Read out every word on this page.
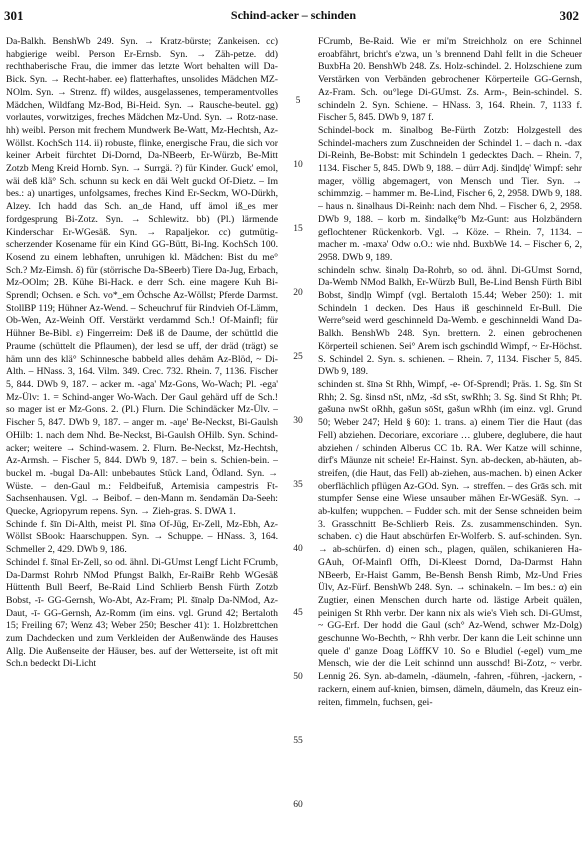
301	Schind-acker – schinden	302

Da-Balkh. BenshWb 249. Syn. → Kratz-bürste; Zankeisen. cc) habgierige weibl. Person Er-Ernsb. Syn. → Zäh-petze. dd) rechthaberische Frau, die immer das letzte Wort behalten will Da-Bick. Syn. → Recht-haber. ee) flatterhaftes, unsolides Mädchen MZ-NOlm. Syn. → Strenz. ff) wildes, ausgelassenes, temperamentvolles Mädchen, Wildfang Mz-Bod, Bi-Heid. Syn. → Rausche-beutel. gg) vorlautes, vorwitziges, freches Mädchen Mz-Und. Syn. → Rotz-nase. hh) weibl. Person mit frechem Mundwerk Be-Watt, Mz-Hechtsh, Az-Wöllst. KochSch 114. ii) robuste, flinke, energische Frau, die sich vor keiner Arbeit fürchtet Di-Dornd, Da-NBeerb, Er-Würzb, Be-Mitt Zotzb Meng Kreid Hornb. Syn. → Surrgä. ?) für Kinder. Guck' emol, wäi deß klä° Sch. schunn su keck en däi Welt guckd Of-Dietz. – Im bes.: a) unartiges, unfolgsames, freches Kind Er-Seckm, WO-Dürkh, Alzey. Ich hadd das Sch. an_de Hand, uff ämol iß_es mer fordgesprung Bi-Zotz. Syn. → Schlewitz. bb) (Pl.) lärmende Kinderschar Er-WGesäß. Syn. → Rapaljekor. cc) gutmütig-scherzender Kosename für ein Kind GG-Bütt, Bi-Ing. KochSch 100. Kosend zu einem lebhaften, unruhigen kl. Mädchen: Bist du me° Sch.? Mz-Eimsh. δ) für (störrische Da-SBeerb) Tiere Da-Jug, Erbach, Mz-OOlm; 2B. Kühe Bi-Hack. e derr Sch. eine magere Kuh Bi-Sprendl; Ochsen. e Sch. vo*_em Öchsche Az-Wöllst; Pferde Darmst. StollBP 119; Hühner Az-Wend. – Scheuchruf für Rindvieh Of-Lämm, Ob-Wen, Az-Weinh Off. Verstärkt verdammd Sch.! Of-Mainfl; für Hühner Be-Bibl. ε) Fingerreim: Deß iß de Daume, der schüttld die Praume (schüttelt die Pflaumen), der lesd se uff, der dräd (trägt) se häm unn des klä° Schinnesche babbeld alles dehäm Az-Blöd, ~ Di-Alth. – HNass. 3, 164. Vilm. 349. Crec. 732. Rhein. 7, 1136. Fischer 5, 844. DWb 9, 187. – acker m. -aga' Mz-Gons, Wo-Wach; Pl. -ega' Mz-Ülv: 1. = Schind-anger Wo-Wach. Der Gaul gehärd uff de Sch.! so mager ist er Mz-Gons. 2. (Pl.) Flurn. Die Schindäcker Mz-Ülv. – Fischer 5, 847. DWb 9, 187. – anger m. -aŋe' Be-Neckst, Bi-Gaulsh OHilb: 1. nach dem Nhd. Be-Neckst, Bi-Gaulsh OHilb. Syn. Schind-acker; weitere → Schind-wasem. 2. Flurn. Be-Neckst, Mz-Hechtsh, Az-Armsh. – Fischer 5, 844. DWb 9, 187. – bein s. Schien-bein. – buckel m. -bugal Da-All: unbebautes Stück Land, Ödland. Syn. → Wüste. – den-Gaul m.: Feldbeifuß, Artemisia campestris Ft-Sachsenhausen. Vgl. → Beibof. – den-Mann m. šendəmän Da-Seeh: Quecke, Agriopyrum repens. Syn. → Zieh-gras. S. DWA 1.

Schinde f. šīn Di-Alth, meist Pl. šīnə Of-Jüg, Er-Zell, Mz-Ebh, Az-Wöllst SBook: Haarschuppen. Syn. → Schuppe. – HNass. 3, 164. Schmeller 2, 429. DWb 9, 186.

Schindel f. šīnəl Er-Zell, so od. ähnl. Di-GUmst Lengf Licht FCrumb, Da-Darmst Rohrb NMod Pfungst Balkh, Er-RaiBr Rehb WGesäß Hüttenth Bull Beerf, Be-Raid Lind Schlierb Bensh Fürth Zotzb Bobst, -ī- GG-Gernsh, Wo-Abt, Az-Fram; Pl. šīnəlp Da-NMod, Az-Daut, -ī- GG-Gernsh, Az-Romm (im eins. vgl. Grund 42; Bertaloth 15; Freiling 67; Wenz 43; Weber 250; Bescher 41): 1. Holzbrettchen zum Dachdecken und zum Verkleiden der Außenwände des Hauses Allg. Die Außenseite der Häuser, bes. auf der Wetterseite, ist oft mit Sch.n bedeckt Di-Licht

5
10
15
20
25
30
35
40
45
50
55
60

FCrumb, Be-Raid. Wie er mi'm Streichholz on ere Schinnel eroabfährt, bricht's e'zwa, un 's brennend Dahl fellt in die Scheuer BuxbHa 20. BenshWb 248. Zs. Holz-schindel. 2. Holzschiene zum Verstärken von Verbänden gebrochener Körperteile GG-Gernsh, Az-Fram. Sch. ou°lege Di-GUmst. Zs. Arm-, Bein-schindel. S. schindeln 2. Syn. Schiene. – HNass. 3, 164. Rhein. 7, 1133 f. Fischer 5, 845. DWb 9, 187 f.

Schindel-bock m. šinəlbog Be-Fürth Zotzb: Holzgestell des Schindel-machers zum Zuschneiden der Schindel 1. – dach n. -dax Di-Reinh, Be-Bobst: mit Schindeln 1 gedecktes Dach. – Rhein. 7, 1134. Fischer 5, 845. DWb 9, 188. – dürr Adj. šindļdę' Wimpf: sehr mager, völlig abgemagert, von Mensch und Tier. Syn. → schimmzig. – hammer m. Be-Lind, Fischer 6, 2, 2958. DWb 9, 188. – haus n. šinəlhaus Di-Reinh: nach dem Nhd. – Fischer 6, 2, 2958. DWb 9, 188. – korb m. šindəlkę°b Mz-Gunt: aus Holzbändern geflochtener Rückenkorb. Vgl. → Köze. – Rhein. 7, 1134. – macher m. -maxə' Odw o.O.: wie nhd. BuxbWe 14. – Fischer 6, 2, 2958. DWb 9, 189.

schindeln schw. šinəlṇ Da-Rohrb, so od. ähnl. Di-GUmst Sornd, Da-Wemb NMod Balkh, Er-Würzb Bull, Be-Lind Bensh Fürth Bibl Bobst, šindļṇ Wimpf (vgl. Bertaloth 15.44; Weber 250): 1. mit Schindeln 1 decken. Des Haus iß geschinneld Er-Bull. Die Werre°seid werd geschinneld Da-Wemb. e geschinneldi Wand Da-Balkh. BenshWb 248. Syn. brettern. 2. einen gebrochenen Körperteil schienen. Sei° Arem isch gschindld Wimpf, ~ Er-Höchst. S. Schindel 2. Syn. s. schienen. – Rhein. 7, 1134. Fischer 5, 845. DWb 9, 189.

schinden st. šīnə St Rhh, Wimpf, -e- Of-Sprendl; Präs. 1. Sg. šīn St Rhh; 2. Sg. šinsd nSt, nMz, -šd sSt, swRhh; 3. Sg. šind St Rhh; Pt. gəšunə nwSt oRhh, gəšun sōSt, gəšun wRhh (im einz. vgl. Grund 50; Weber 247; Held § 60): 1. trans. a) einem Tier die Haut (das Fell) abziehen. Decoriare, excoriare … glubere, deglubere, die haut abziehen / schinden Alberus CC 1b. RA. Wer Katze will schinne, dirf's Mäunze nit scheie! Er-Hainst. Syn. ab-decken, ab-häuten, ab-streifen, (die Haut, das Fell) ab-ziehen, aus-machen. b) einen Acker oberflächlich pflügen Az-GOd. Syn. → streffen. – des Grās sch. mit stumpfer Sense eine Wiese unsauber mähen Er-WGesäß. Syn. → ab-kulfen; wuppchen. – Fudder sch. mit der Sense schneiden beim 3. Grasschnitt Be-Schlierb Reis. Zs. zusammenschinden. Syn. schaben. c) die Haut abschürfen Er-Wolferb. S. auf-schinden. Syn. → ab-schürfen. d) einen sch., plagen, quälen, schikanieren Ha-GAuh, Of-Mainfl Offh, Di-Kleest Dornd, Da-Darmst Hahn NBeerb, Er-Haist Gamm, Be-Bensh Bensh Rimb, Mz-Und Fries Ülv, Az-Fürf. BenshWb 248. Syn. → schinakeln. – Im bes.: α) ein Zugtier, einen Menschen durch harte od. lästige Arbeit quälen, peinigen St Rhh verbr. Der kann nix als wie's Vieh sch. Di-GUmst, ~ GG-Erf. Der hodd die Gaul (sch° Az-Wend, schwer Mz-Dolg) geschunne Wo-Bechth, ~ Rhh verbr. Der kann die Leit schinne unn quele d' ganze Doag LöffKV 10. So e Bludiel (-egel) vum_me Mensch, wie der die Leit schinnd unn ausschd! Bi-Zotz, ~ verbr. Lennig 26. Syn. ab-dameln, -däumeln, -fahren, -führen, -jackern, -rackern, einem auf-knien, bimsen, dämeln, däumeln, das Kreuz ein-reiten, fimmeln, fuchsen, gei-
